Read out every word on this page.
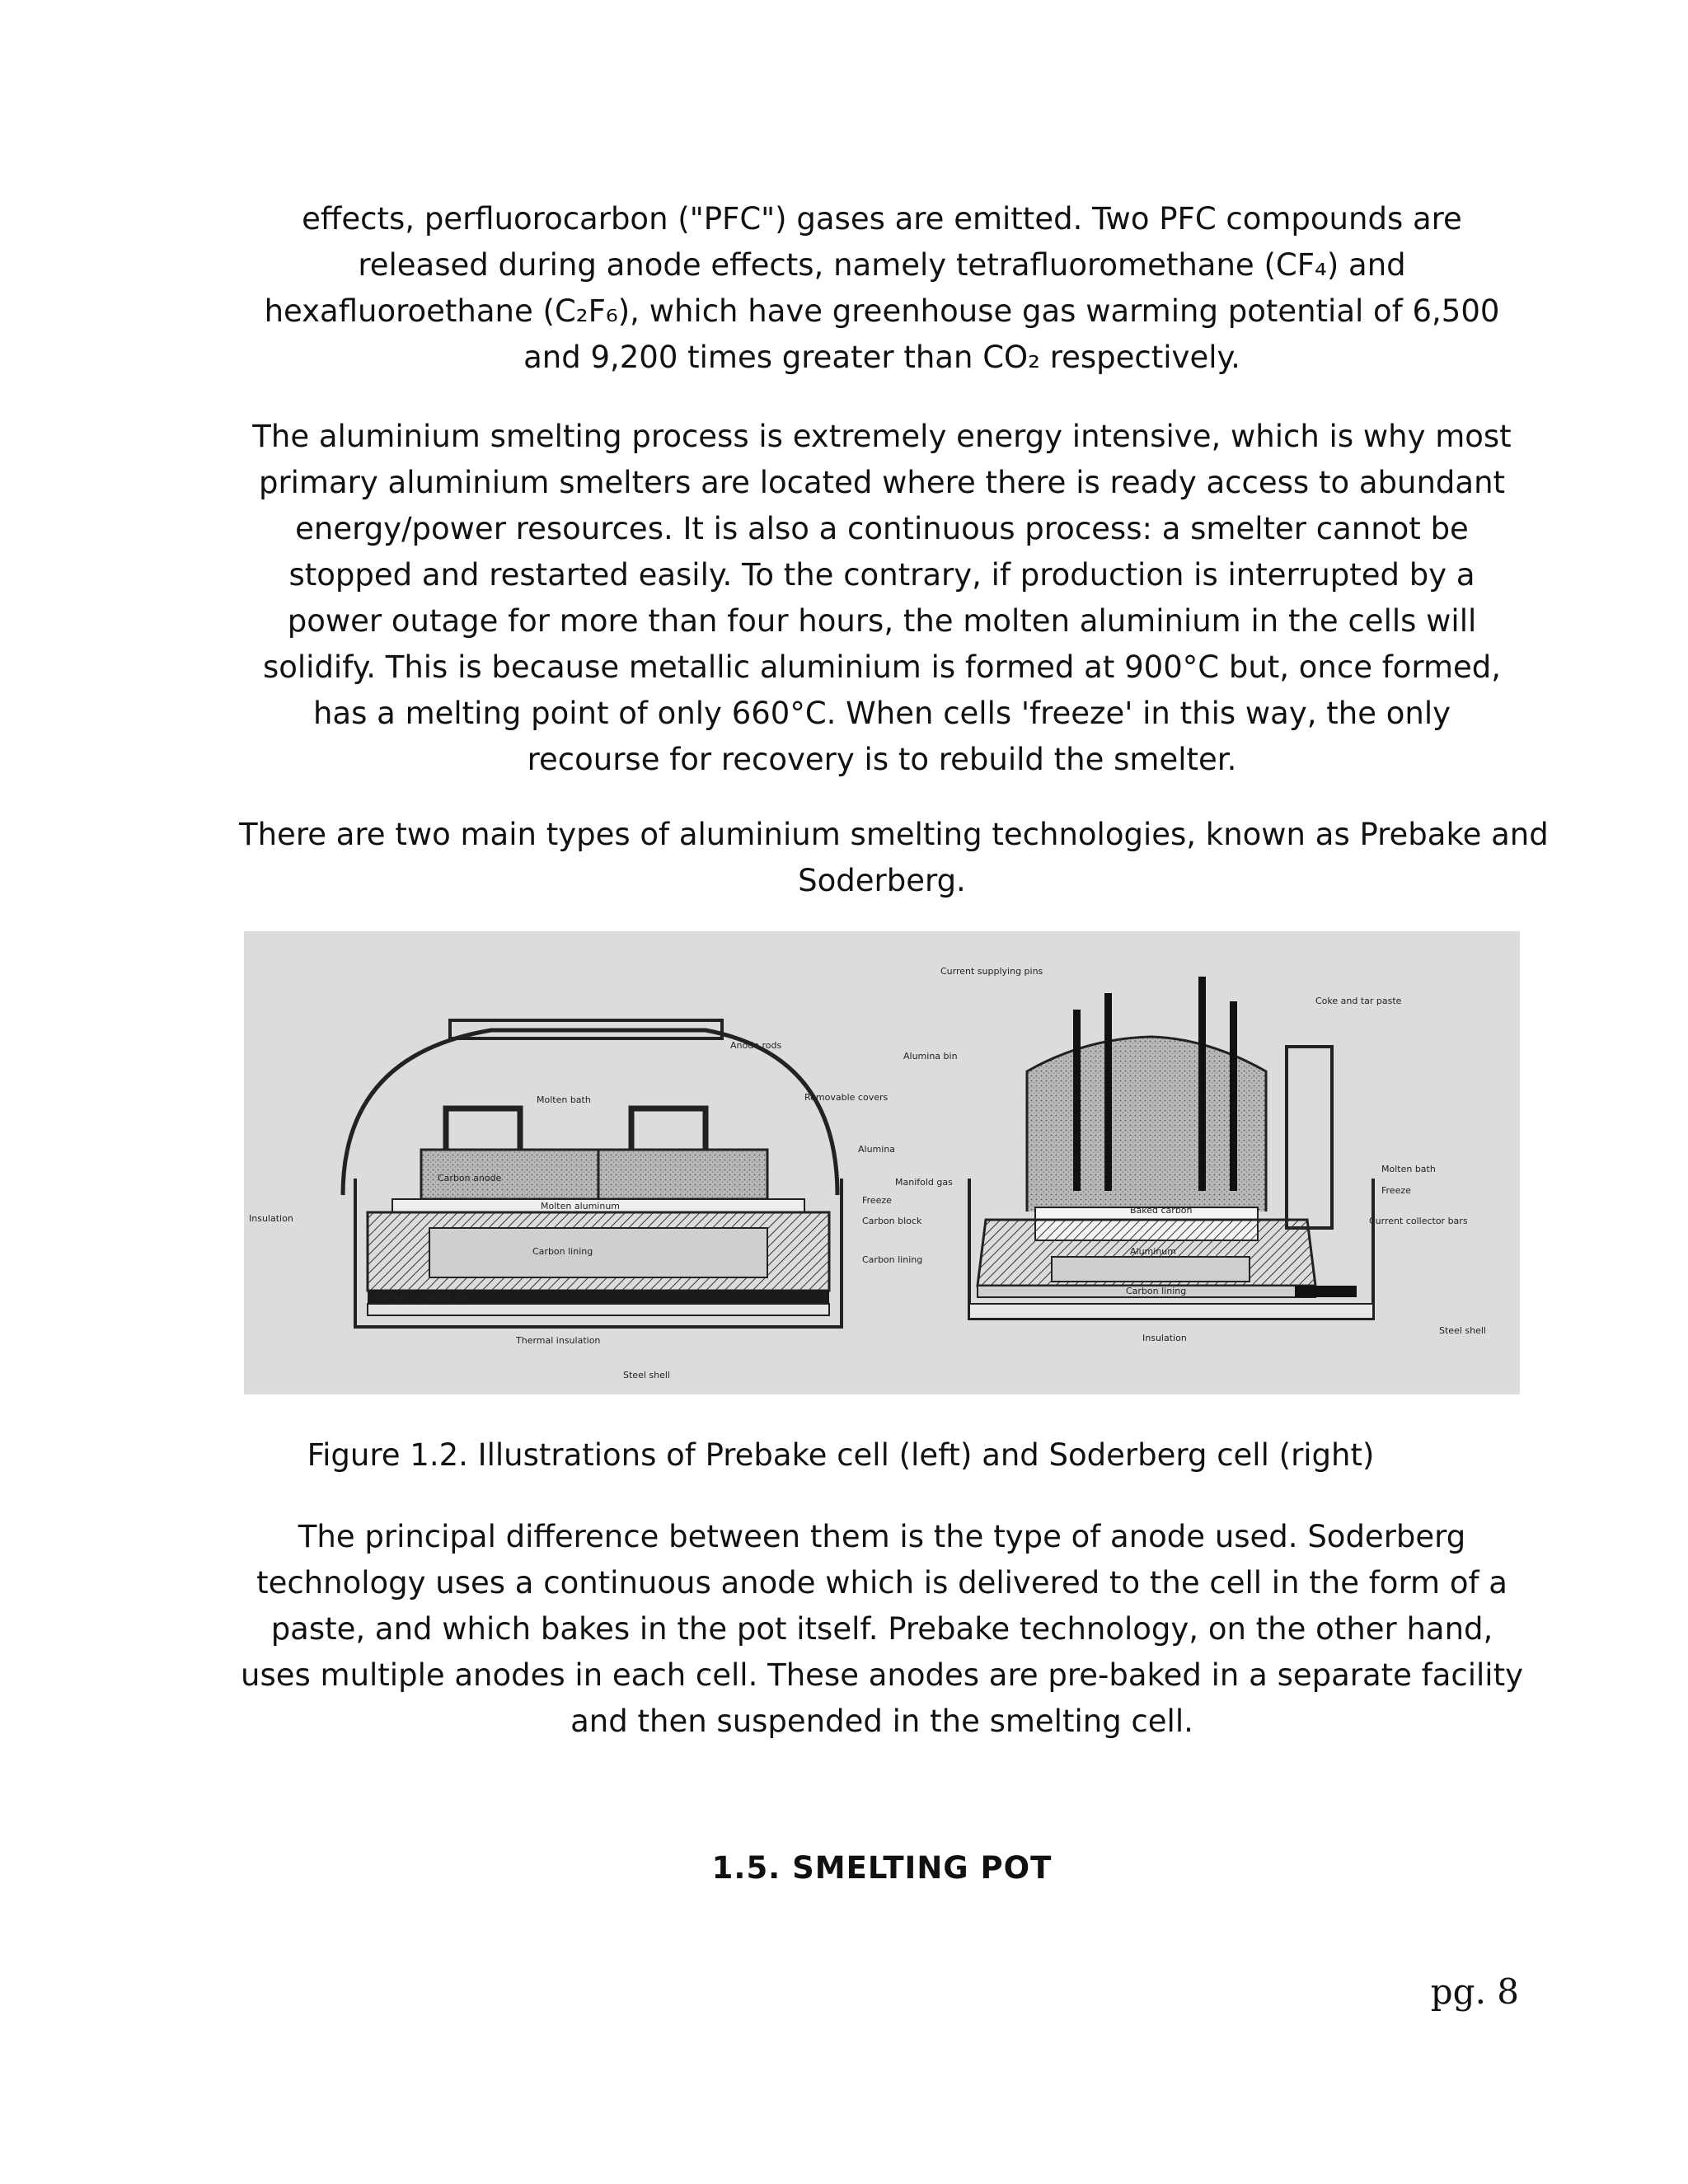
effects, perfluorocarbon ("PFC") gases are emitted. Two PFC compounds are
released during anode effects, namely tetrafluoromethane (CF₄) and
hexafluoroethane (C₂F₆), which have greenhouse gas warming potential of 6,500
and 9,200 times greater than CO₂ respectively.
The aluminium smelting process is extremely energy intensive, which is why most
primary aluminium smelters are located where there is ready access to abundant
energy/power resources. It is also a continuous process: a smelter cannot be
stopped and restarted easily. To the contrary, if production is interrupted by a
power outage for more than four hours, the molten aluminium in the cells will
solidify. This is because metallic aluminium is formed at 900°C but, once formed,
has a melting point of only 660°C. When cells 'freeze' in this way, the only
recourse for recovery is to rebuild the smelter.
There are two main types of aluminium smelting technologies, known as Prebake and
Soderberg.
Anode rods
Molten bath	Removable covers
Alumina
Carbon anode
Insulation
Molten aluminum
Freeze
Carbon block
Carbon lining
Carbon lining
Current collector bar
Thermal insulation
Steel shell
Current supplying pins
Coke and tar paste
Alumina bin
Manifold gas
Molten bath
Freeze
Baked carbon
Current collector bars
Aluminum
Carbon lining
Steel shell
Insulation
Figure 1.2. Illustrations of Prebake cell (left) and Soderberg cell (right)
The principal difference between them is the type of anode used. Soderberg
technology uses a continuous anode which is delivered to the cell in the form of a
paste, and which bakes in the pot itself. Prebake technology, on the other hand,
uses multiple anodes in each cell. These anodes are pre-baked in a separate facility
and then suspended in the smelting cell.
1.5. SMELTING POT
pg. 8
